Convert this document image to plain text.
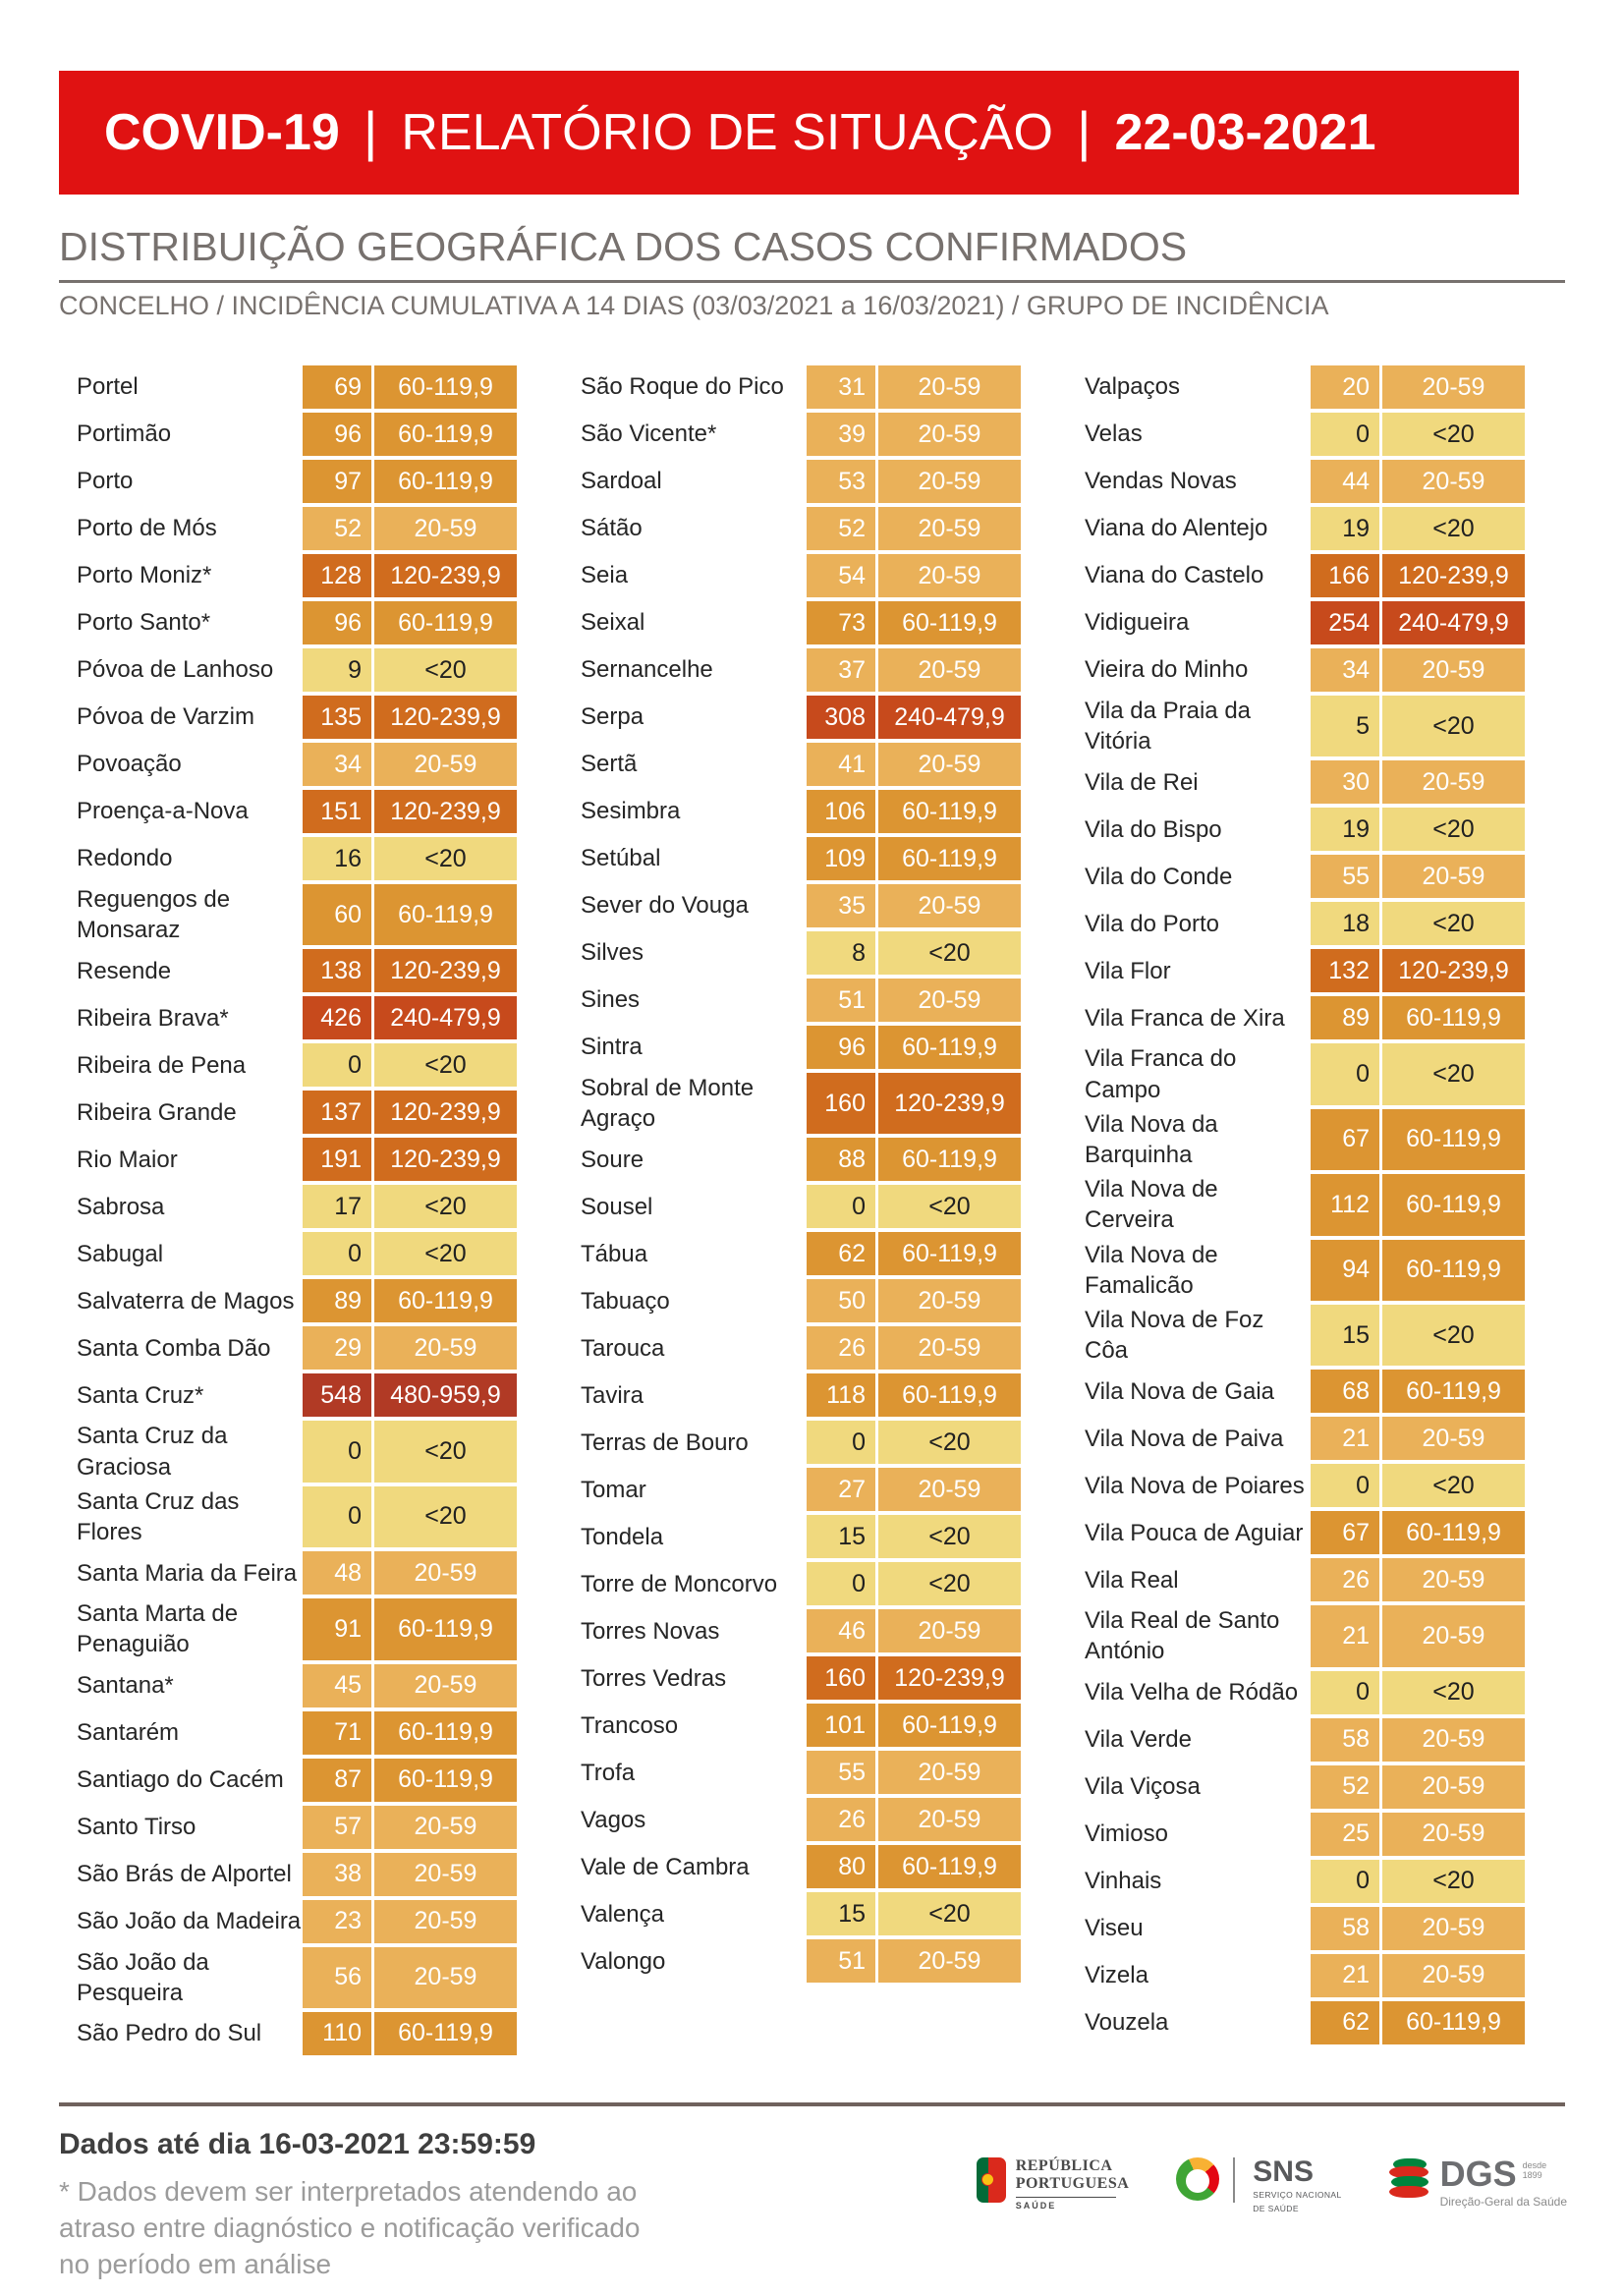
COVID-19 | RELATÓRIO DE SITUAÇÃO | 22-03-2021
DISTRIBUIÇÃO GEOGRÁFICA DOS CASOS CONFIRMADOS
CONCELHO / INCIDÊNCIA CUMULATIVA A 14 DIAS (03/03/2021 a 16/03/2021) / GRUPO DE INCIDÊNCIA
Portel	69	60-119,9
Portimão	96	60-119,9
Porto	97	60-119,9
Porto de Mós	52	20-59
Porto Moniz*	128	120-239,9
Porto Santo*	96	60-119,9
Póvoa de Lanhoso	9	<20
Póvoa de Varzim	135	120-239,9
Povoação	34	20-59
Proença-a-Nova	151	120-239,9
Redondo	16	<20
Reguengos de Monsaraz
60	60-119,9
Resende	138	120-239,9
Ribeira Brava*	426	240-479,9
Ribeira de Pena	0	<20
Ribeira Grande	137	120-239,9
Rio Maior	191	120-239,9
Sabrosa	17	<20
Sabugal	0	<20
Salvaterra de Magos	89	60-119,9
Santa Comba Dão	29	20-59
Santa Cruz*	548	480-959,9
Santa Cruz da Graciosa
0	<20
Santa Cruz das Flores
0	<20
Santa Maria da Feira	48	20-59
Santa Marta de Penaguião
91	60-119,9
Santana*	45	20-59
Santarém	71	60-119,9
Santiago do Cacém	87	60-119,9
Santo Tirso	57	20-59
São Brás de Alportel	38	20-59
São João da Madeira	23	20-59
São João da Pesqueira
56	20-59
São Pedro do Sul	110	60-119,9
São Roque do Pico	31	20-59
São Vicente*	39	20-59
Sardoal	53	20-59
Sátão	52	20-59
Seia	54	20-59
Seixal	73	60-119,9
Sernancelhe	37	20-59
Serpa	308	240-479,9
Sertã	41	20-59
Sesimbra	106	60-119,9
Setúbal	109	60-119,9
Sever do Vouga	35	20-59
Silves	8	<20
Sines	51	20-59
Sintra	96	60-119,9
Sobral de Monte Agraço
160	120-239,9
Soure	88	60-119,9
Sousel	0	<20
Tábua	62	60-119,9
Tabuaço	50	20-59
Tarouca	26	20-59
Tavira	118	60-119,9
Terras de Bouro	0	<20
Tomar	27	20-59
Tondela	15	<20
Torre de Moncorvo	0	<20
Torres Novas	46	20-59
Torres Vedras	160	120-239,9
Trancoso	101	60-119,9
Trofa	55	20-59
Vagos	26	20-59
Vale de Cambra	80	60-119,9
Valença	15	<20
Valongo	51	20-59
Valpaços	20	20-59
Velas	0	<20
Vendas Novas	44	20-59
Viana do Alentejo	19	<20
Viana do Castelo	166	120-239,9
Vidigueira	254	240-479,9
Vieira do Minho	34	20-59
Vila da Praia da Vitória
5	<20
Vila de Rei	30	20-59
Vila do Bispo	19	<20
Vila do Conde	55	20-59
Vila do Porto	18	<20
Vila Flor	132	120-239,9
Vila Franca de Xira	89	60-119,9
Vila Franca do Campo
0	<20
Vila Nova da Barquinha
67	60-119,9
Vila Nova de Cerveira
112	60-119,9
Vila Nova de Famalicão
94	60-119,9
Vila Nova de Foz Côa
15	<20
Vila Nova de Gaia	68	60-119,9
Vila Nova de Paiva	21	20-59
Vila Nova de Poiares	0	<20
Vila Pouca de Aguiar	67	60-119,9
Vila Real	26	20-59
Vila Real de Santo António
21	20-59
Vila Velha de Ródão	0	<20
Vila Verde	58	20-59
Vila Viçosa	52	20-59
Vimioso	25	20-59
Vinhais	0	<20
Viseu	58	20-59
Vizela	21	20-59
Vouzela	62	60-119,9
Dados até dia 16-03-2021 23:59:59
* Dados devem ser interpretados atendendo ao atraso entre diagnóstico e notificação verificado no período em análise
REPÚBLICA
PORTUGUESA
SAÚDE
SNS
SERVIÇO NACIONAL
DE SAÚDE
DGS desde
1899
Direção-Geral da Saúde
